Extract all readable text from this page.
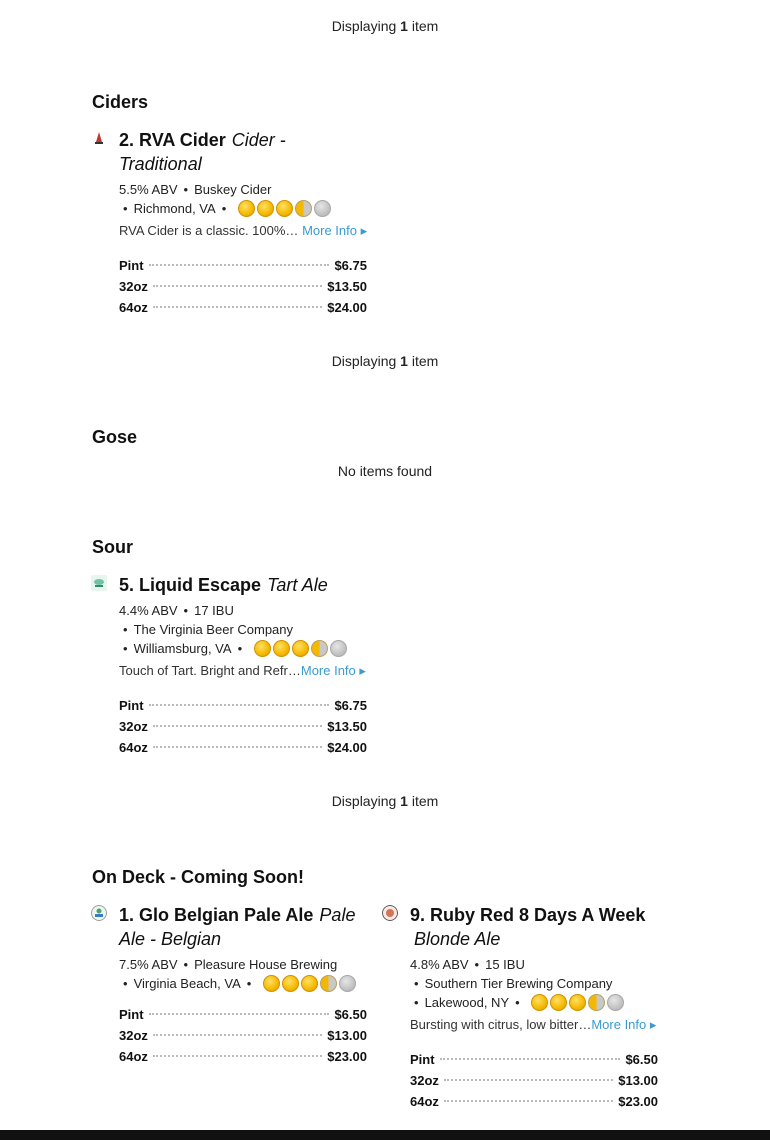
Displaying 1 item
Ciders
2. RVA Cider Cider - Traditional
5.5% ABV • Buskey Cider
• Richmond, VA •
RVA Cider is a classic. 100%… More Info ▸
Pint	$6.75
32oz	$13.50
64oz	$24.00
Displaying 1 item
Gose
No items found
Sour
5. Liquid Escape Tart Ale
4.4% ABV • 17 IBU
• The Virginia Beer Company
• Williamsburg, VA •
Touch of Tart. Bright and Refr…More Info ▸
Pint	$6.75
32oz	$13.50
64oz	$24.00
Displaying 1 item
On Deck - Coming Soon!
1. Glo Belgian Pale Ale Pale Ale - Belgian
7.5% ABV • Pleasure House Brewing
• Virginia Beach, VA •
Pint	$6.50
32oz	$13.00
64oz	$23.00
9. Ruby Red 8 Days A Week
Blonde Ale
4.8% ABV • 15 IBU
• Southern Tier Brewing Company
• Lakewood, NY •
Bursting with citrus, low bitter…More Info ▸
Pint	$6.50
32oz	$13.00
64oz	$23.00
